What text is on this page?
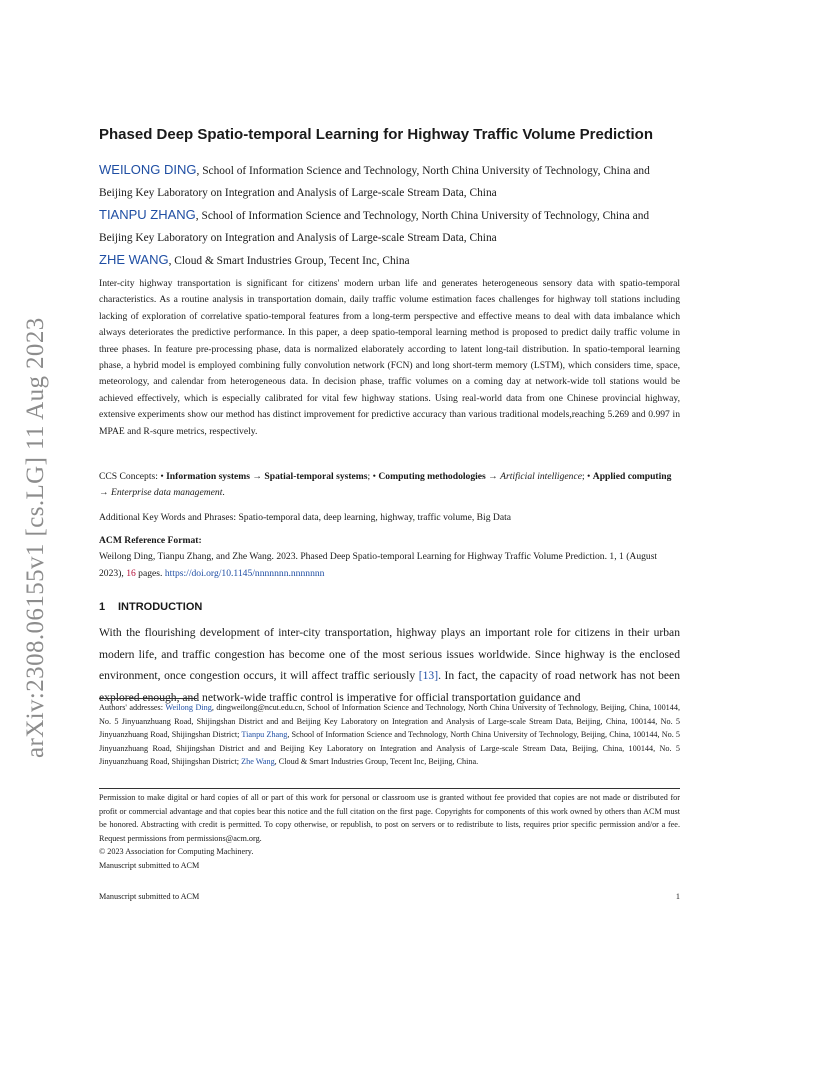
arXiv:2308.06155v1 [cs.LG] 11 Aug 2023
Phased Deep Spatio-temporal Learning for Highway Traffic Volume Prediction
WEILONG DING, School of Information Science and Technology, North China University of Technology, China and
Beijing Key Laboratory on Integration and Analysis of Large-scale Stream Data, China
TIANPU ZHANG, School of Information Science and Technology, North China University of Technology, China and
Beijing Key Laboratory on Integration and Analysis of Large-scale Stream Data, China
ZHE WANG, Cloud & Smart Industries Group, Tecent Inc, China
Inter-city highway transportation is significant for citizens' modern urban life and generates heterogeneous sensory data with spatio-temporal characteristics. As a routine analysis in transportation domain, daily traffic volume estimation faces challenges for highway toll stations including lacking of exploration of correlative spatio-temporal features from a long-term perspective and effective means to deal with data imbalance which always deteriorates the predictive performance. In this paper, a deep spatio-temporal learning method is proposed to predict daily traffic volume in three phases. In feature pre-processing phase, data is normalized elaborately according to latent long-tail distribution. In spatio-temporal learning phase, a hybrid model is employed combining fully convolution network (FCN) and long short-term memory (LSTM), which considers time, space, meteorology, and calendar from heterogeneous data. In decision phase, traffic volumes on a coming day at network-wide toll stations would be achieved effectively, which is especially calibrated for vital few highway stations. Using real-world data from one Chinese provincial highway, extensive experiments show our method has distinct improvement for predictive accuracy than various traditional models,reaching 5.269 and 0.997 in MPAE and R-squre metrics, respectively.
CCS Concepts: • Information systems → Spatial-temporal systems; • Computing methodologies → Artificial intelligence; • Applied computing → Enterprise data management.
Additional Key Words and Phrases: Spatio-temporal data, deep learning, highway, traffic volume, Big Data
ACM Reference Format:
Weilong Ding, Tianpu Zhang, and Zhe Wang. 2023. Phased Deep Spatio-temporal Learning for Highway Traffic Volume Prediction. 1, 1 (August 2023), 16 pages. https://doi.org/10.1145/nnnnnnn.nnnnnnn
1 INTRODUCTION
With the flourishing development of inter-city transportation, highway plays an important role for citizens in their urban modern life, and traffic congestion has become one of the most serious issues worldwide. Since highway is the enclosed environment, once congestion occurs, it will affect traffic seriously [13]. In fact, the capacity of road network has not been explored enough, and network-wide traffic control is imperative for official transportation guidance and
Authors' addresses: Weilong Ding, dingweilong@ncut.edu.cn, School of Information Science and Technology, North China University of Technology, Beijing, China, 100144, No. 5 Jinyuanzhuang Road, Shijingshan District and and Beijing Key Laboratory on Integration and Analysis of Large-scale Stream Data, Beijing, China, 100144, No. 5 Jinyuanzhuang Road, Shijingshan District; Tianpu Zhang, School of Information Science and Technology, North China University of Technology, Beijing, China, 100144, No. 5 Jinyuanzhuang Road, Shijingshan District and and Beijing Key Laboratory on Integration and Analysis of Large-scale Stream Data, Beijing, China, 100144, No. 5 Jinyuanzhuang Road, Shijingshan District; Zhe Wang, Cloud & Smart Industries Group, Tecent Inc, Beijing, China.
Permission to make digital or hard copies of all or part of this work for personal or classroom use is granted without fee provided that copies are not made or distributed for profit or commercial advantage and that copies bear this notice and the full citation on the first page. Copyrights for components of this work owned by others than ACM must be honored. Abstracting with credit is permitted. To copy otherwise, or republish, to post on servers or to redistribute to lists, requires prior specific permission and/or a fee. Request permissions from permissions@acm.org.
© 2023 Association for Computing Machinery.
Manuscript submitted to ACM
Manuscript submitted to ACM	1
